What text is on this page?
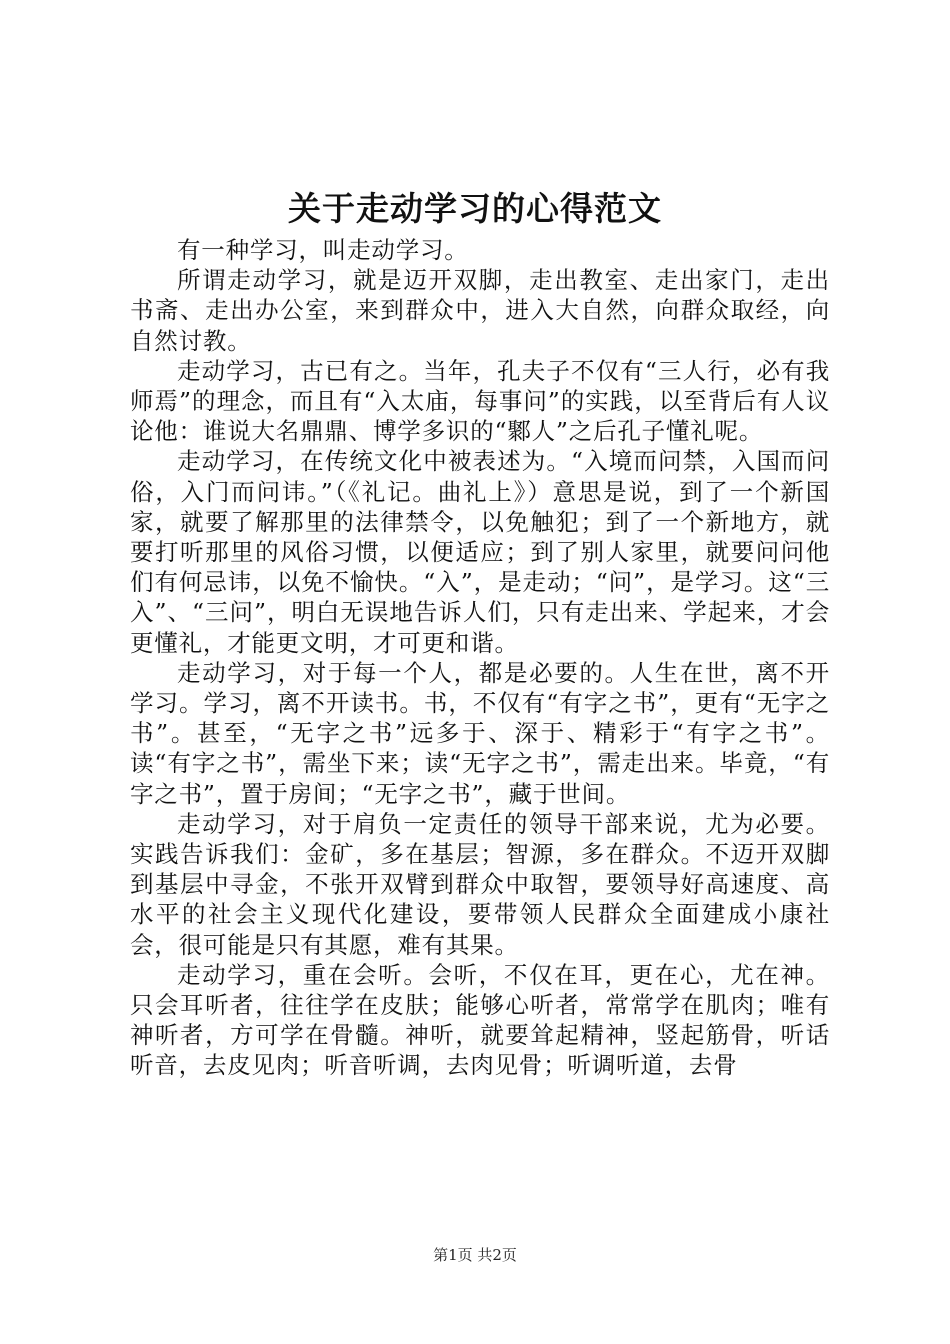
关于走动学习的心得范文

有一种学习，叫走动学习。

所谓走动学习，就是迈开双脚，走出教室、走出家门，走出书斋、走出办公室，来到群众中，进入大自然，向群众取经，向自然讨教。

走动学习，古已有之。当年，孔夫子不仅有“三人行，必有我师焉”的理念，而且有“入太庙，每事问”的实践，以至背后有人议论他：谁说大名鼎鼎、博学多识的“鄹人”之后孔子懂礼呢。

走动学习，在传统文化中被表述为。“入境而问禁，入国而问俗，入门而问讳。”（《礼记。曲礼上》）意思是说，到了一个新国家，就要了解那里的法律禁令，以免触犯；到了一个新地方，就要打听那里的风俗习惯，以便适应；到了别人家里，就要问问他们有何忌讳，以免不愉快。“入”，是走动；“问”，是学习。这“三入”、“三问”，明白无误地告诉人们，只有走出来、学起来，才会更懂礼，才能更文明，才可更和谐。

走动学习，对于每一个人，都是必要的。人生在世，离不开学习。学习，离不开读书。书，不仅有“有字之书”，更有“无字之书”。甚至，“无字之书”远多于、深于、精彩于“有字之书”。读“有字之书”，需坐下来；读“无字之书”，需走出来。毕竟，“有字之书”，置于房间；“无字之书”，藏于世间。

走动学习，对于肩负一定责任的领导干部来说，尤为必要。实践告诉我们：金矿，多在基层；智源，多在群众。不迈开双脚到基层中寻金，不张开双臂到群众中取智，要领导好高速度、高水平的社会主义现代化建设，要带领人民群众全面建成小康社会，很可能是只有其愿，难有其果。

走动学习，重在会听。会听，不仅在耳，更在心，尤在神。只会耳听者，往往学在皮肤；能够心听者，常常学在肌肉；唯有神听者，方可学在骨髓。神听，就要耸起精神，竖起筋骨，听话听音，去皮见肉；听音听调，去肉见骨；听调听道，去骨

第1页 共2页
